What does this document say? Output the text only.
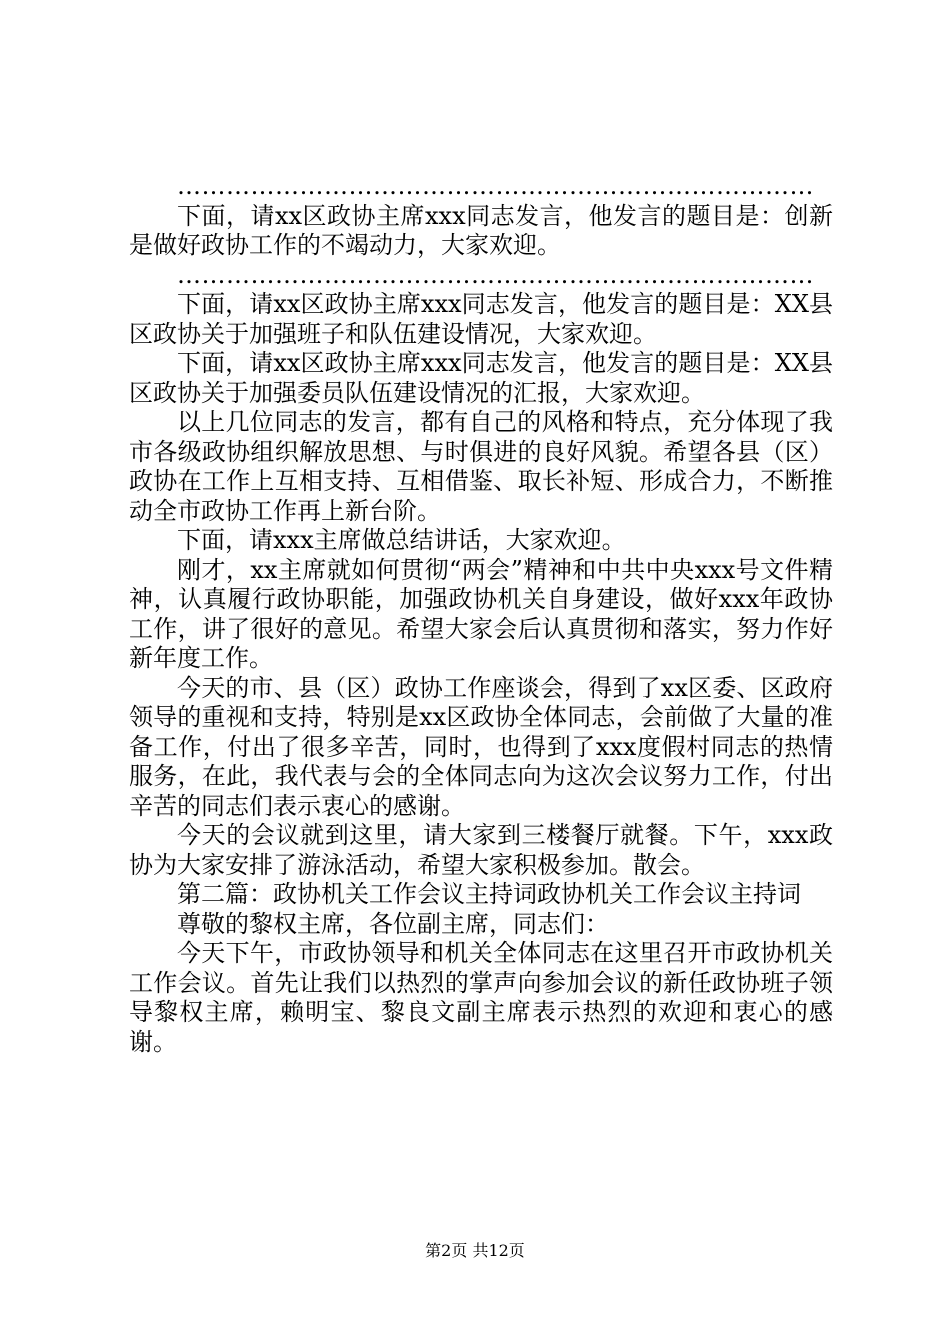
……………………………………………………………………

下面，请xx区政协主席xxx同志发言，他发言的题目是：创新是做好政协工作的不竭动力，大家欢迎。

……………………………………………………………………

下面，请xx区政协主席xxx同志发言，他发言的题目是：XX县区政协关于加强班子和队伍建设情况，大家欢迎。

下面，请xx区政协主席xxx同志发言，他发言的题目是：XX县区政协关于加强委员队伍建设情况的汇报，大家欢迎。

以上几位同志的发言，都有自己的风格和特点，充分体现了我市各级政协组织解放思想、与时俱进的良好风貌。希望各县（区）政协在工作上互相支持、互相借鉴、取长补短、形成合力，不断推动全市政协工作再上新台阶。

下面，请xxx主席做总结讲话，大家欢迎。

刚才，xx主席就如何贯彻“两会”精神和中共中央xxx号文件精神，认真履行政协职能，加强政协机关自身建设，做好xxx年政协工作，讲了很好的意见。希望大家会后认真贯彻和落实，努力作好新年度工作。

今天的市、县（区）政协工作座谈会，得到了xx区委、区政府领导的重视和支持，特别是xx区政协全体同志，会前做了大量的准备工作，付出了很多辛苦，同时，也得到了xxx度假村同志的热情服务，在此，我代表与会的全体同志向为这次会议努力工作，付出辛苦的同志们表示衷心的感谢。

今天的会议就到这里，请大家到三楼餐厅就餐。下午，xxx政协为大家安排了游泳活动，希望大家积极参加。散会。

第二篇：政协机关工作会议主持词政协机关工作会议主持词

尊敬的黎权主席，各位副主席，同志们：

今天下午，市政协领导和机关全体同志在这里召开市政协机关工作会议。首先让我们以热烈的掌声向参加会议的新任政协班子领导黎权主席，赖明宝、黎良文副主席表示热烈的欢迎和衷心的感谢。

第2页 共12页
